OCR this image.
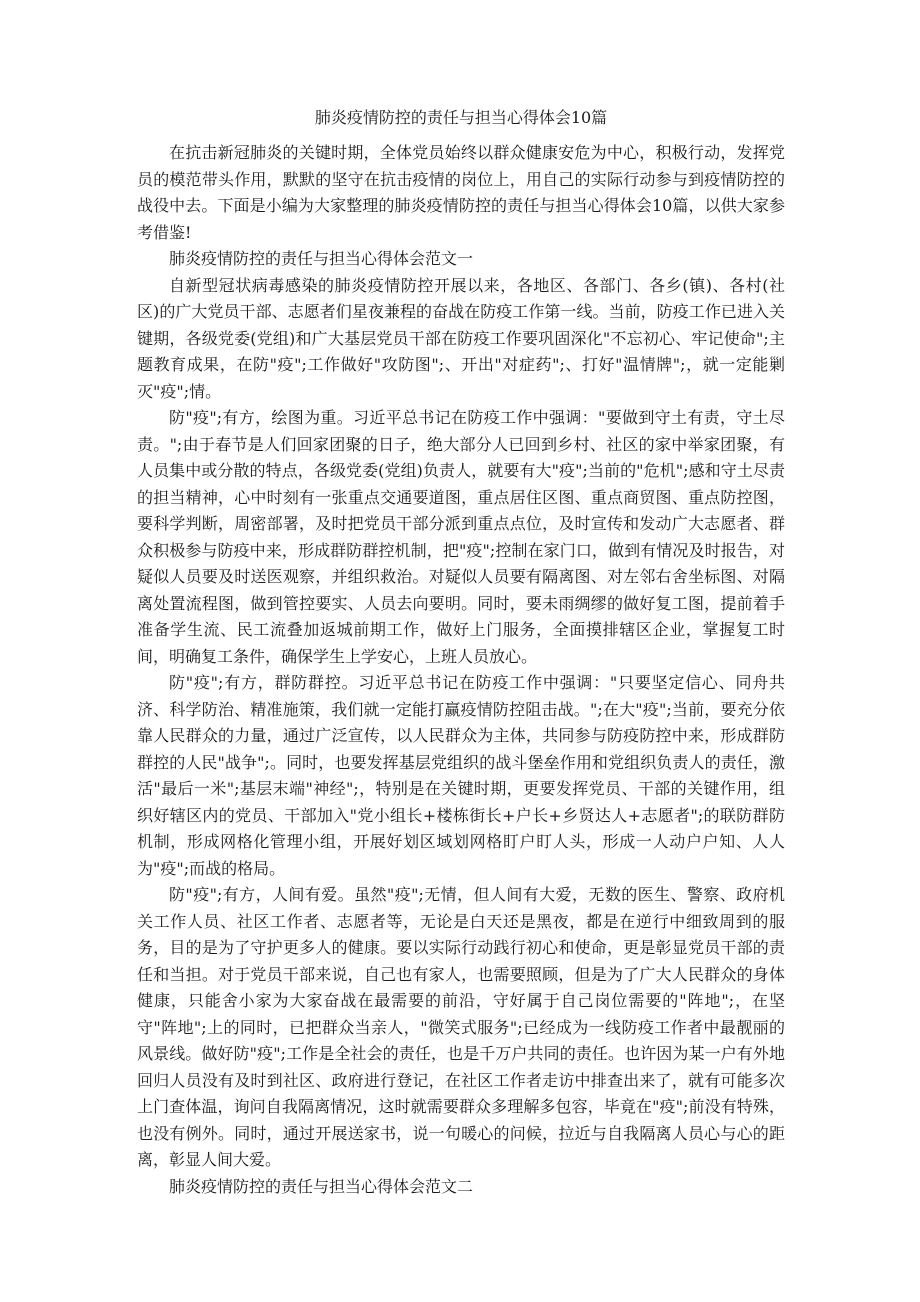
肺炎疫情防控的责任与担当心得体会10篇

在抗击新冠肺炎的关键时期，全体党员始终以群众健康安危为中心，积极行动，发挥党员的模范带头作用，默默的坚守在抗击疫情的岗位上，用自己的实际行动参与到疫情防控的战役中去。下面是小编为大家整理的肺炎疫情防控的责任与担当心得体会10篇，以供大家参考借鉴!

肺炎疫情防控的责任与担当心得体会范文一

自新型冠状病毒感染的肺炎疫情防控开展以来，各地区、各部门、各乡(镇)、各村(社区)的广大党员干部、志愿者们星夜兼程的奋战在防疫工作第一线。当前，防疫工作已进入关键期，各级党委(党组)和广大基层党员干部在防疫工作要巩固深化"不忘初心、牢记使命";主题教育成果，在防"疫";工作做好"攻防图";、开出"对症药";、打好"温情牌";，就一定能剿灭"疫";情。

防"疫";有方，绘图为重。习近平总书记在防疫工作中强调："要做到守土有责，守土尽责。";由于春节是人们回家团聚的日子，绝大部分人已回到乡村、社区的家中举家团聚，有人员集中或分散的特点，各级党委(党组)负责人，就要有大"疫";当前的"危机";感和守土尽责的担当精神，心中时刻有一张重点交通要道图，重点居住区图、重点商贸图、重点防控图，要科学判断，周密部署，及时把党员干部分派到重点点位，及时宣传和发动广大志愿者、群众积极参与防疫中来，形成群防群控机制，把"疫";控制在家门口，做到有情况及时报告，对疑似人员要及时送医观察，并组织救治。对疑似人员要有隔离图、对左邻右舍坐标图、对隔离处置流程图，做到管控要实、人员去向要明。同时，要未雨绸缪的做好复工图，提前着手准备学生流、民工流叠加返城前期工作，做好上门服务，全面摸排辖区企业，掌握复工时间，明确复工条件，确保学生上学安心，上班人员放心。

防"疫";有方，群防群控。习近平总书记在防疫工作中强调："只要坚定信心、同舟共济、科学防治、精准施策，我们就一定能打赢疫情防控阻击战。";在大"疫";当前，要充分依靠人民群众的力量，通过广泛宣传，以人民群众为主体，共同参与防疫防控中来，形成群防群控的人民"战争";。同时，也要发挥基层党组织的战斗堡垒作用和党组织负责人的责任，激活"最后一米";基层末端"神经";，特别是在关键时期，更要发挥党员、干部的关键作用，组织好辖区内的党员、干部加入"党小组长+楼栋街长+户长+乡贤达人+志愿者";的联防群防机制，形成网格化管理小组，开展好划区域划网格盯户盯人头，形成一人动户户知、人人为"疫";而战的格局。

防"疫";有方，人间有爱。虽然"疫";无情，但人间有大爱，无数的医生、警察、政府机关工作人员、社区工作者、志愿者等，无论是白天还是黑夜，都是在逆行中细致周到的服务，目的是为了守护更多人的健康。要以实际行动践行初心和使命，更是彰显党员干部的责任和当担。对于党员干部来说，自己也有家人，也需要照顾，但是为了广大人民群众的身体健康，只能舍小家为大家奋战在最需要的前沿，守好属于自己岗位需要的"阵地";，在坚守"阵地";上的同时，已把群众当亲人，"微笑式服务";已经成为一线防疫工作者中最靓丽的风景线。做好防"疫";工作是全社会的责任，也是千万户共同的责任。也许因为某一户有外地回归人员没有及时到社区、政府进行登记，在社区工作者走访中排查出来了，就有可能多次上门查体温，询问自我隔离情况，这时就需要群众多理解多包容，毕竟在"疫";前没有特殊，也没有例外。同时，通过开展送家书，说一句暖心的问候，拉近与自我隔离人员心与心的距离，彰显人间大爱。

肺炎疫情防控的责任与担当心得体会范文二
